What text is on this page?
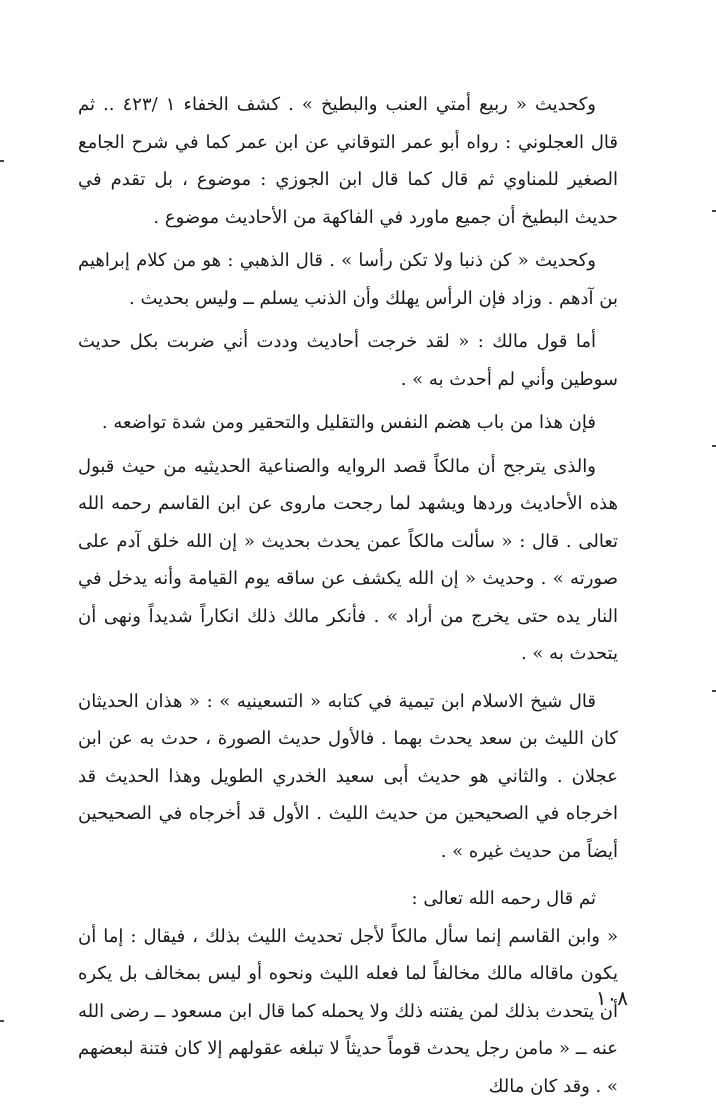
وكحديث « ربيع أمتي العنب والبطيخ » . كشف الخفاء ١ /٤٢٣ .. ثم قال العجلوني : رواه أبو عمر التوقاني عن ابن عمر كما في شرح الجامع الصغير للمناوي ثم قال كما قال ابن الجوزي : موضوع ، بل تقدم في حديث البطيخ أن جميع ماورد في الفاكهة من الأحاديث موضوع .

وكحديث « كن ذنبا ولا تكن رأسا » . قال الذهبي : هو من كلام إبراهيم بن آدهم . وزاد فإن الرأس يهلك وأن الذنب يسلم ــ وليس بحديث .

أما قول مالك : « لقد خرجت أحاديث وددت أني ضربت بكل حديث سوطين وأني لم أحدث به » .

فإن هذا من باب هضم النفس والتقليل والتحقير ومن شدة تواضعه .

والذى يترجح أن مالكاً قصد الروايه والصناعية الحديثيه من حيث قبول هذه الأحاديث وردها ويشهد لما رجحت ماروى عن ابن القاسم رحمه الله تعالى . قال : « سألت مالكاً عمن يحدث بحديث « إن الله خلق آدم على صورته » . وحديث « إن الله يكشف عن ساقه يوم القيامة وأنه يدخل في النار يده حتى يخرج من أراد » . فأنكر مالك ذلك انكاراً شديداً ونهى أن يتحدث به » .

قال شيخ الاسلام ابن تيمية في كتابه « التسعينيه » : « هذان الحديثان كان الليث بن سعد يحدث بهما . فالأول حديث الصورة ، حدث به عن ابن عجلان . والثاني هو حديث أبى سعيد الخدري الطويل وهذا الحديث قد اخرجاه في الصحيحين من حديث الليث . الأول قد أخرجاه في الصحيحين أيضاً من حديث غيره » .

ثم قال رحمه الله تعالى :

« وابن القاسم إنما سأل مالكاً لأجل تحديث الليث بذلك ، فيقال : إما أن يكون ماقاله مالك مخالفاً لما فعله الليث ونحوه أو ليس بمخالف بل يكره أن يتحدث بذلك لمن يفتنه ذلك ولا يحمله كما قال ابن مسعود ــ رضى الله عنه ــ « مامن رجل يحدث قوماً حديثاً لا تبلغه عقولهم إلا كان فتنة لبعضهم » . وقد كان مالك

١٠٨
